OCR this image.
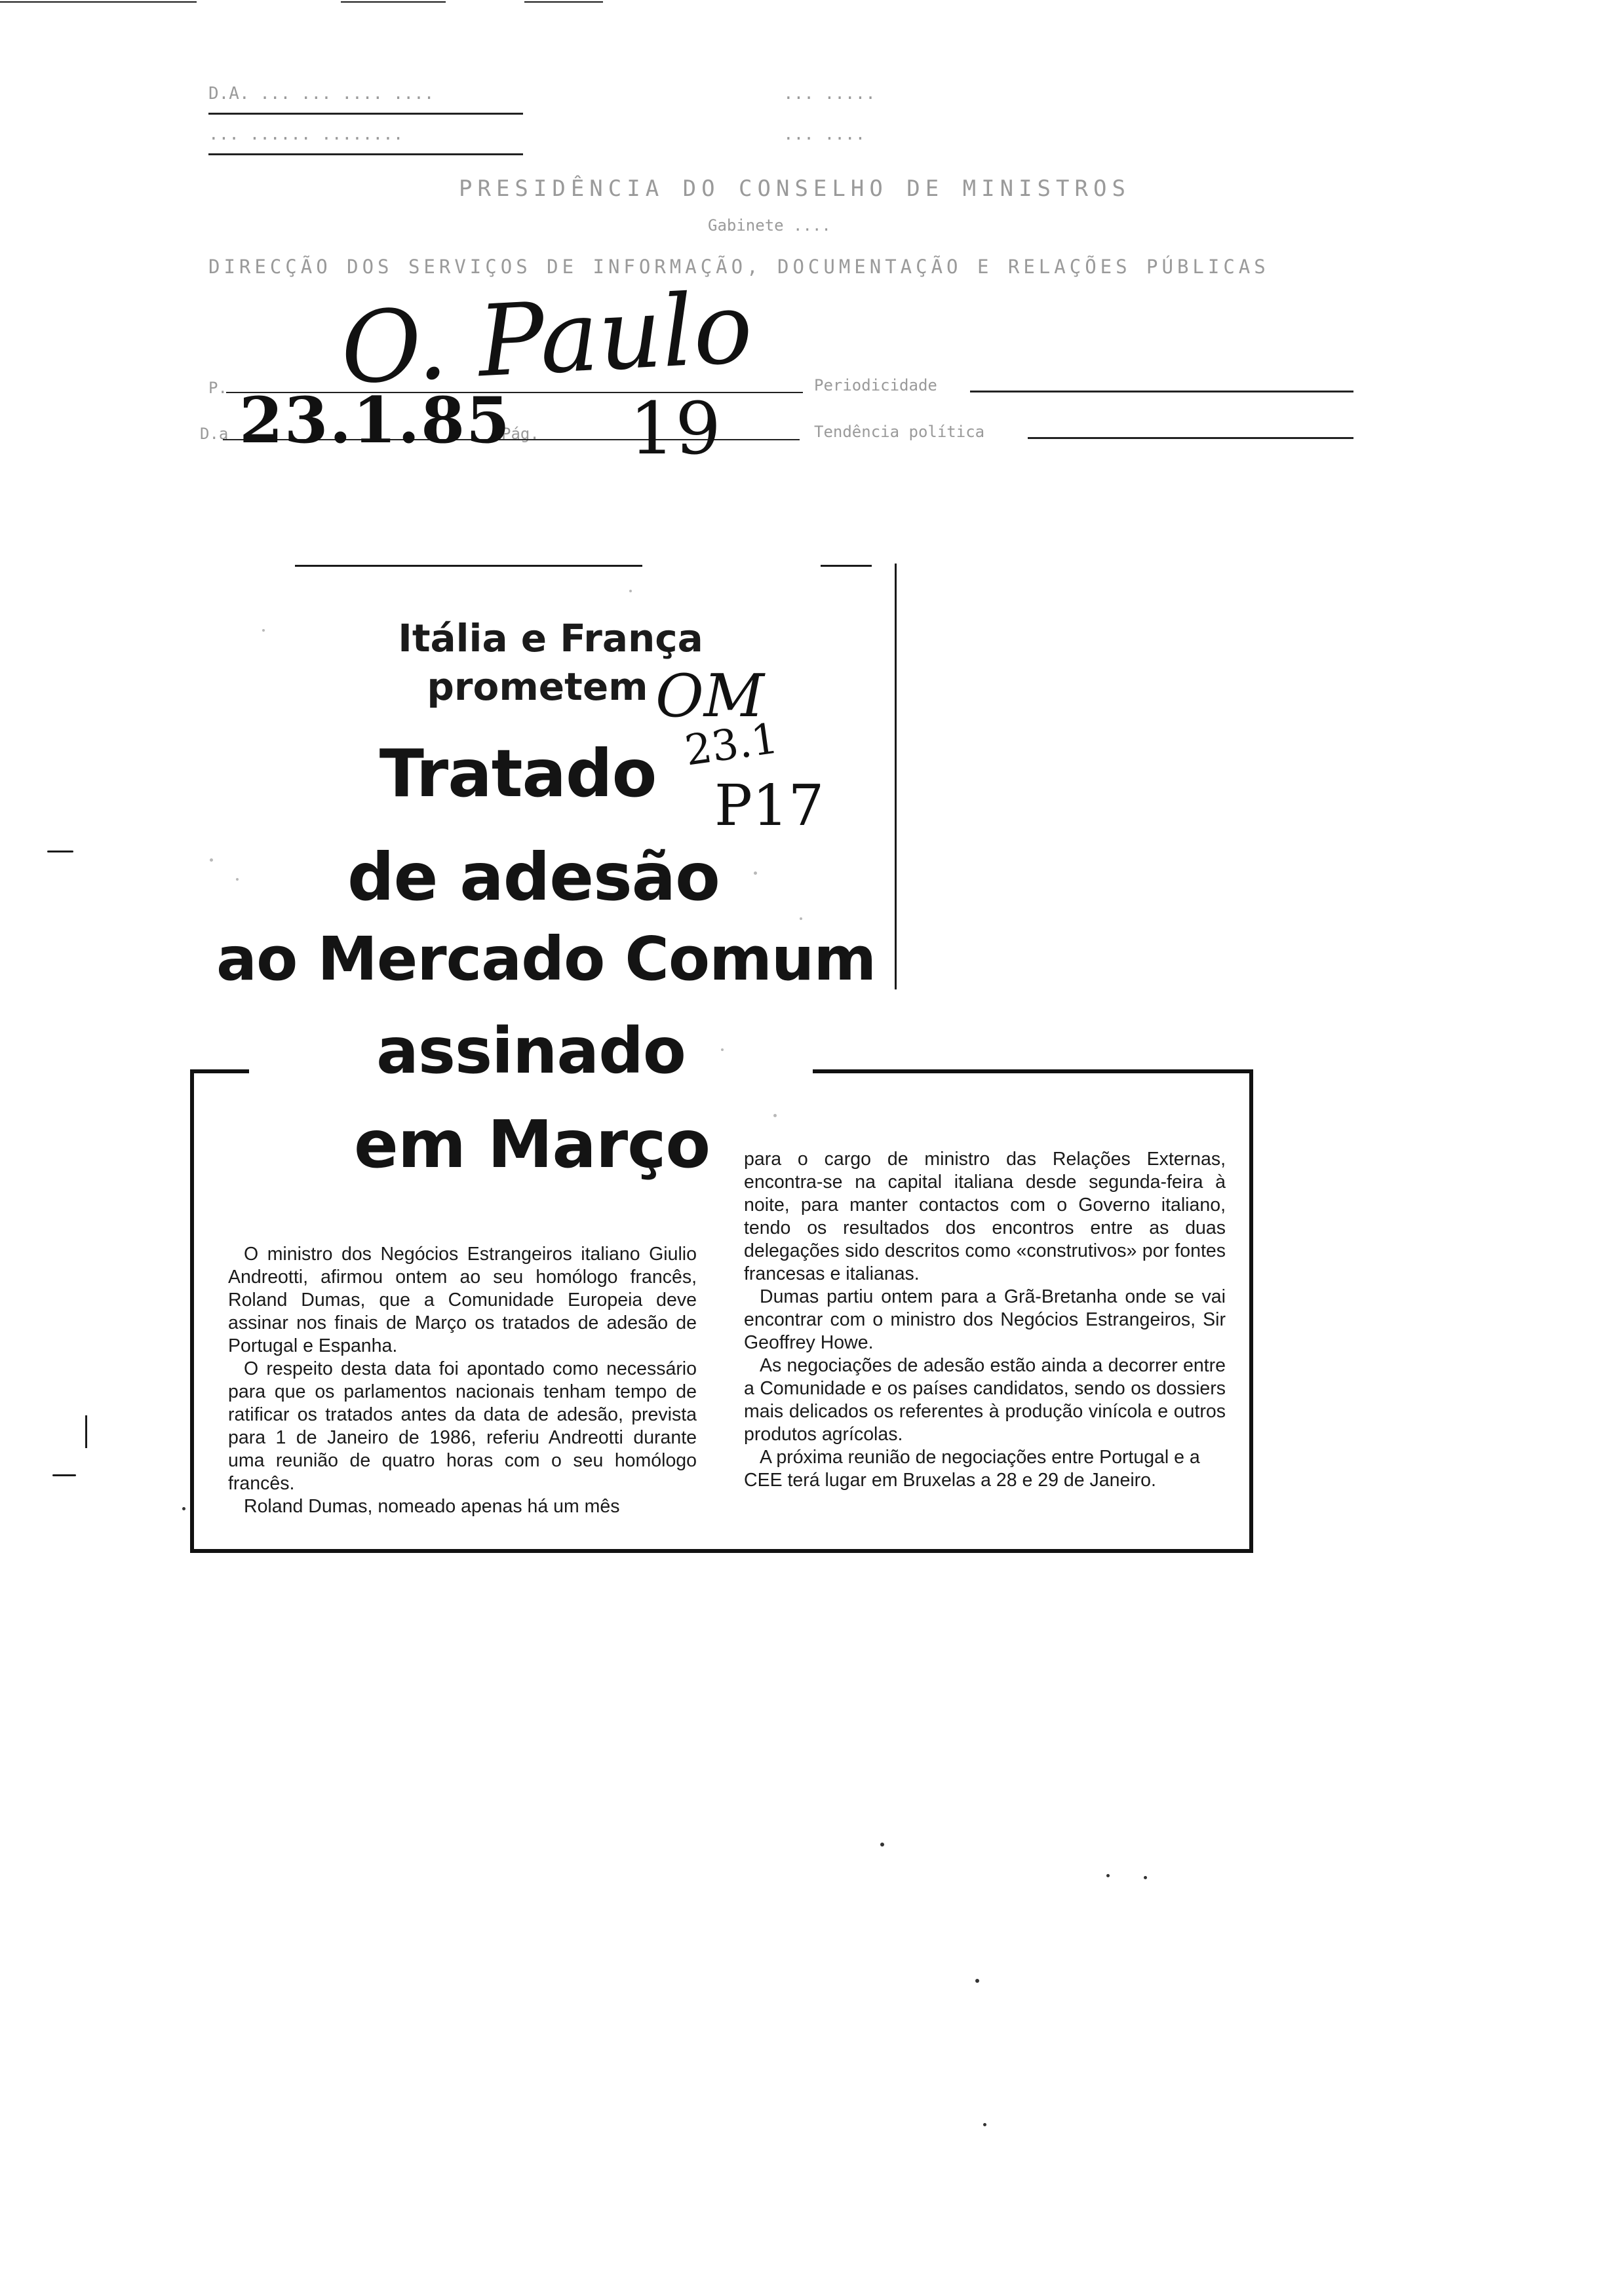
D.A. ... ... .... ....
... ...... ........
... .....
... ....
PRESIDÊNCIA DO CONSELHO DE MINISTROS
Gabinete ....
DIRECÇÃO DOS SERVIÇOS DE INFORMAÇÃO, DOCUMENTAÇÃO E RELAÇÕES PÚBLICAS
P.
D.a	Pág.
Periodicidade
Tendência política
O. Paulo
23.1.85 19
Itália e França
prometem OM
23.1
P17
Tratado
de adesão
ao Mercado Comum
assinado
em Março

O ministro dos Negócios Estrangeiros italiano Giulio Andreotti, afirmou ontem ao seu homólogo francês, Roland Dumas, que a Comunidade Europeia deve assinar nos finais de Março os tratados de adesão de Portugal e Espanha.

O respeito desta data foi apontado como necessário para que os parlamentos nacionais tenham tempo de ratificar os tratados antes da data de adesão, prevista para 1 de Janeiro de 1986, referiu Andreotti durante uma reunião de quatro horas com o seu homólogo francês.

Roland Dumas, nomeado apenas há um mês

para o cargo de ministro das Relações Externas, encontra-se na capital italiana desde segunda-feira à noite, para manter contactos com o Governo italiano, tendo os resultados dos encontros entre as duas delegações sido descritos como «construtivos» por fontes francesas e italianas.

Dumas partiu ontem para a Grã-Bretanha onde se vai encontrar com o ministro dos Negócios Estrangeiros, Sir Geoffrey Howe.

As negociações de adesão estão ainda a decorrer entre a Comunidade e os países candidatos, sendo os dossiers mais delicados os referentes à produção vinícola e outros produtos agrícolas.

A próxima reunião de negociações entre Portugal e a CEE terá lugar em Bruxelas a 28 e 29 de Janeiro.
